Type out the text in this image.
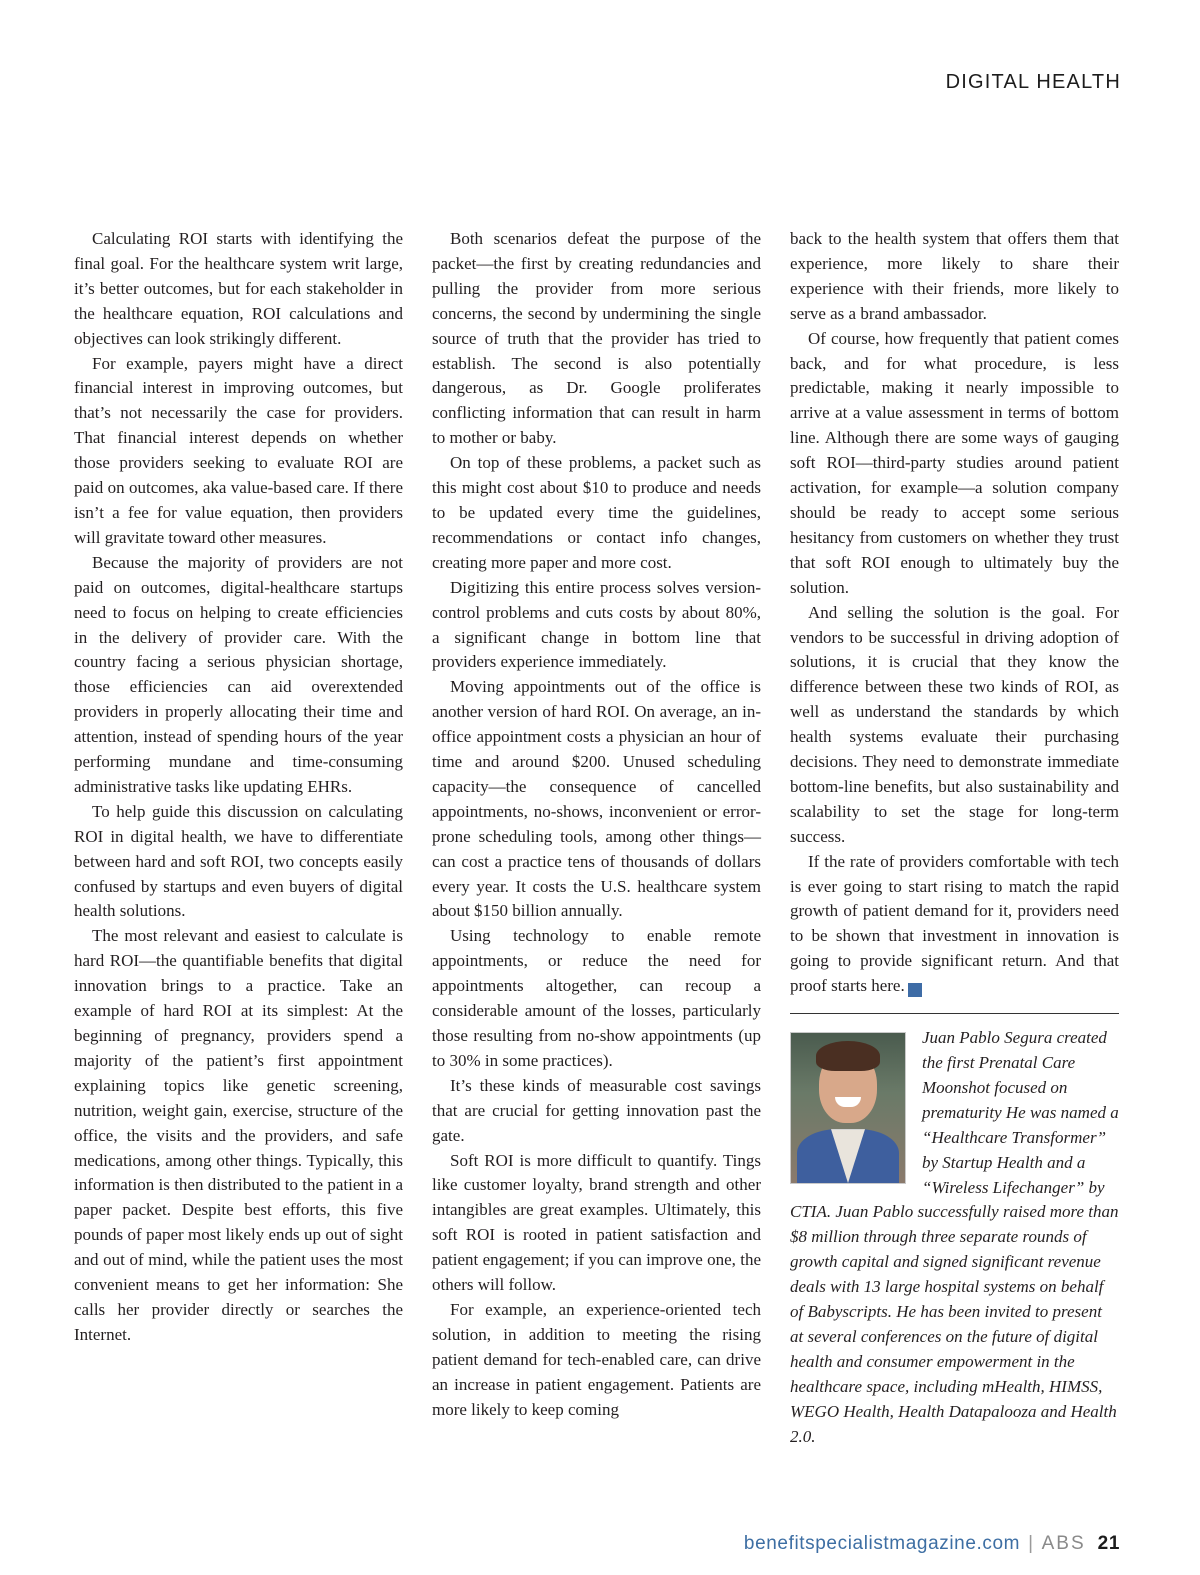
DIGITAL HEALTH

Calculating ROI starts with identifying the final goal. For the healthcare system writ large, it’s better outcomes, but for each stakeholder in the healthcare equation, ROI calculations and objectives can look strikingly different.

For example, payers might have a direct financial interest in improving outcomes, but that’s not necessarily the case for providers. That financial interest depends on whether those providers seeking to evaluate ROI are paid on outcomes, aka value-based care. If there isn’t a fee for value equation, then providers will gravitate toward other measures.

Because the majority of providers are not paid on outcomes, digital-healthcare startups need to focus on helping to create efficiencies in the delivery of provider care. With the country facing a serious physician shortage, those efficiencies can aid overextended providers in properly allocating their time and attention, instead of spending hours of the year performing mundane and time-consuming administrative tasks like updating EHRs.

To help guide this discussion on calculating ROI in digital health, we have to differentiate between hard and soft ROI, two concepts easily confused by startups and even buyers of digital health solutions.

The most relevant and easiest to calculate is hard ROI—the quantifiable benefits that digital innovation brings to a practice. Take an example of hard ROI at its simplest: At the beginning of pregnancy, providers spend a majority of the patient’s first appointment explaining topics like genetic screening, nutrition, weight gain, exercise, structure of the office, the visits and the providers, and safe medications, among other things. Typically, this information is then distributed to the patient in a paper packet. Despite best efforts, this five pounds of paper most likely ends up out of sight and out of mind, while the patient uses the most convenient means to get her information: She calls her provider directly or searches the Internet.

Both scenarios defeat the purpose of the packet—the first by creating redundancies and pulling the provider from more serious concerns, the second by undermining the single source of truth that the provider has tried to establish. The second is also potentially dangerous, as Dr. Google proliferates conflicting information that can result in harm to mother or baby.

On top of these problems, a packet such as this might cost about $10 to produce and needs to be updated every time the guidelines, recommendations or contact info changes, creating more paper and more cost.

Digitizing this entire process solves version-control problems and cuts costs by about 80%, a significant change in bottom line that providers experience immediately.

Moving appointments out of the office is another version of hard ROI. On average, an in-office appointment costs a physician an hour of time and around $200. Unused scheduling capacity—the consequence of cancelled appointments, no-shows, inconvenient or error-prone scheduling tools, among other things—can cost a practice tens of thousands of dollars every year. It costs the U.S. healthcare system about $150 billion annually.

Using technology to enable remote appointments, or reduce the need for appointments altogether, can recoup a considerable amount of the losses, particularly those resulting from no-show appointments (up to 30% in some practices).

It’s these kinds of measurable cost savings that are crucial for getting innovation past the gate.

Soft ROI is more difficult to quantify. Tings like customer loyalty, brand strength and other intangibles are great examples. Ultimately, this soft ROI is rooted in patient satisfaction and patient engagement; if you can improve one, the others will follow.

For example, an experience-oriented tech solution, in addition to meeting the rising patient demand for tech-enabled care, can drive an increase in patient engagement. Patients are more likely to keep coming

back to the health system that offers them that experience, more likely to share their experience with their friends, more likely to serve as a brand ambassador.

Of course, how frequently that patient comes back, and for what procedure, is less predictable, making it nearly impossible to arrive at a value assessment in terms of bottom line. Although there are some ways of gauging soft ROI—third-party studies around patient activation, for example—a solution company should be ready to accept some serious hesitancy from customers on whether they trust that soft ROI enough to ultimately buy the solution.

And selling the solution is the goal. For vendors to be successful in driving adoption of solutions, it is crucial that they know the difference between these two kinds of ROI, as well as understand the standards by which health systems evaluate their purchasing decisions. They need to demonstrate immediate bottom-line benefits, but also sustainability and scalability to set the stage for long-term success.

If the rate of providers comfortable with tech is ever going to start rising to match the rapid growth of patient demand for it, providers need to be shown that investment in innovation is going to provide significant return. And that proof starts here. A

Juan Pablo Segura created the first Prenatal Care Moonshot focused on prematurity He was named a “Healthcare Transformer” by Startup Health and a “Wireless Lifechanger” by CTIA. Juan Pablo successfully raised more than $8 million through three separate rounds of growth capital and signed significant revenue deals with 13 large hospital systems on behalf of Babyscripts. He has been invited to present at several conferences on the future of digital health and consumer empowerment in the healthcare space, including mHealth, HIMSS, WEGO Health, Health Datapalooza and Health 2.0.
benefitspecialistmagazine.com | ABS 21
